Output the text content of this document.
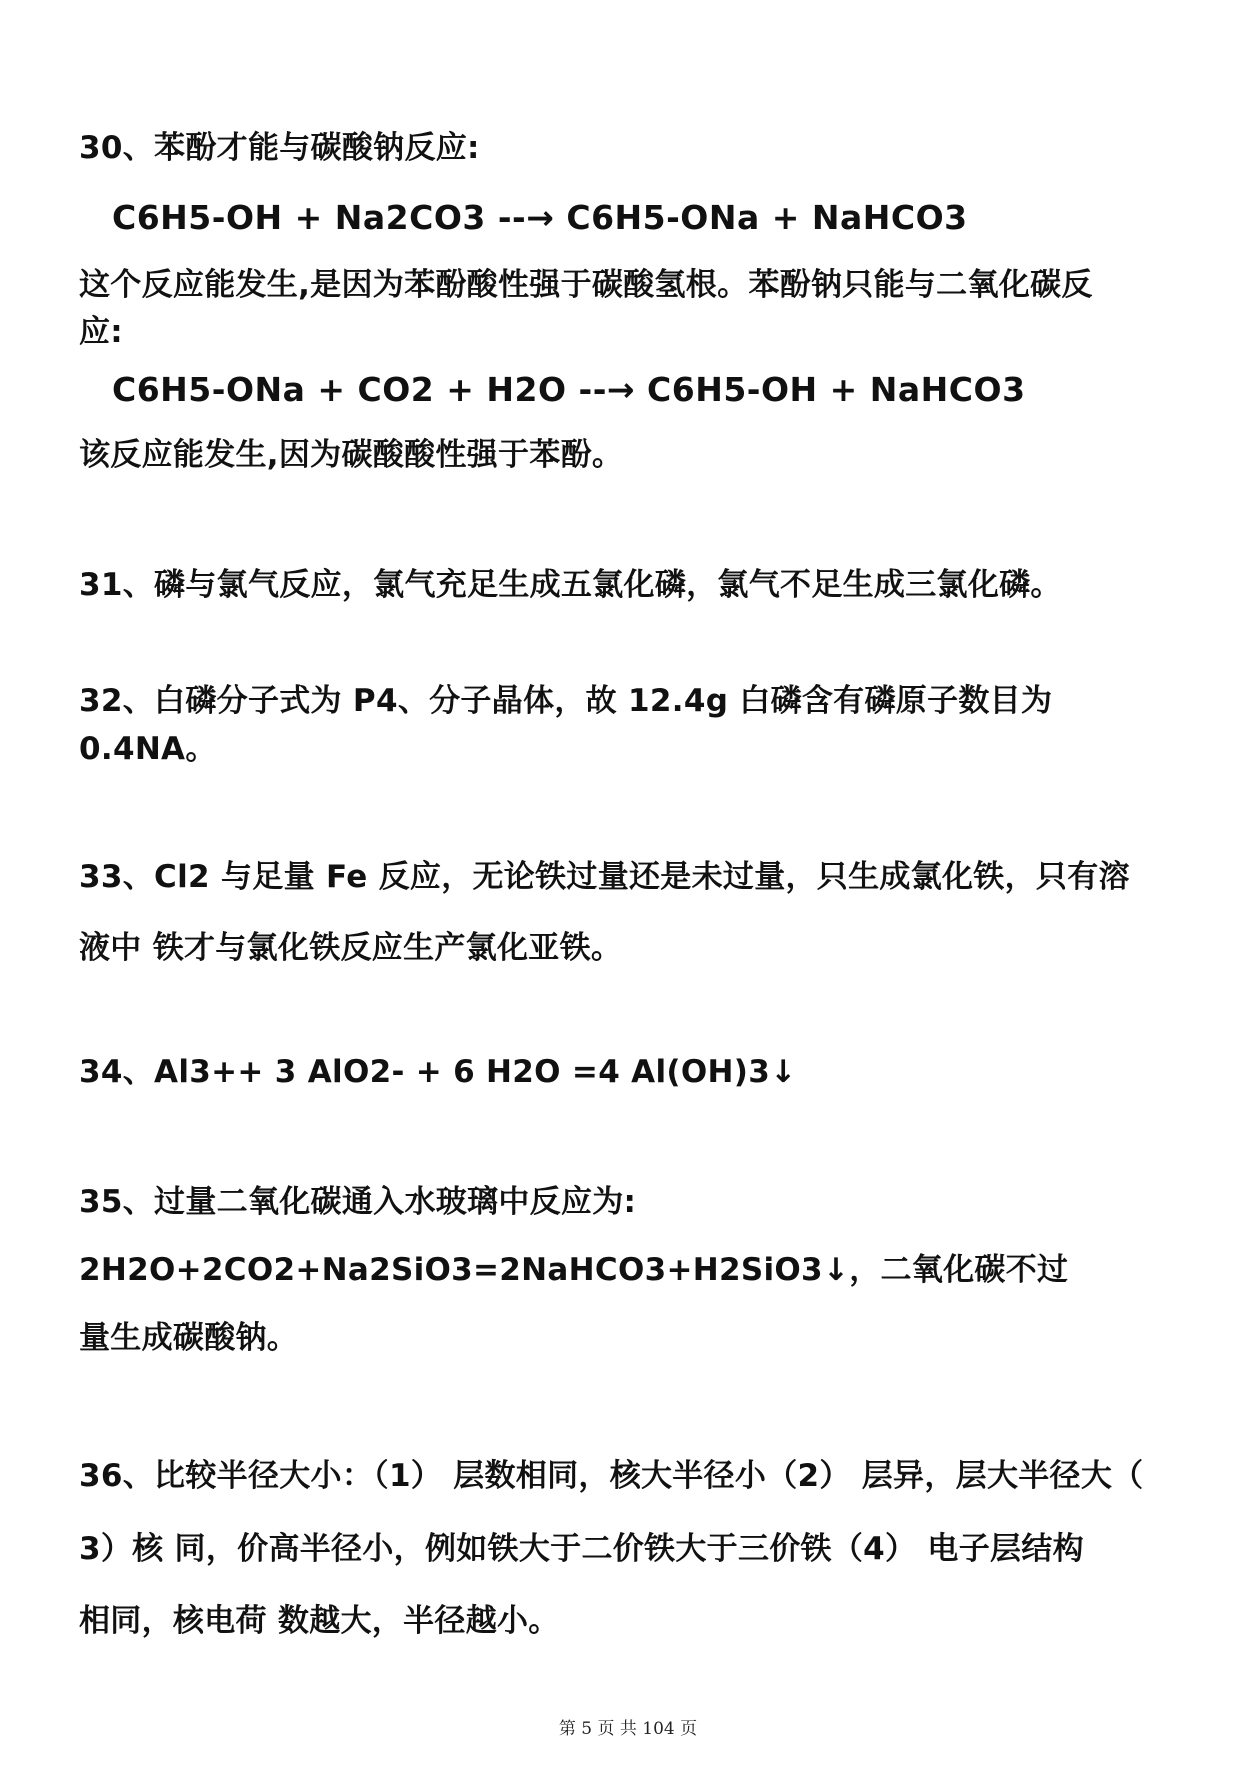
30、苯酚才能与碳酸钠反应:
C6H5-OH + Na2CO3 --→ C6H5-ONa + NaHCO3
这个反应能发生,是因为苯酚酸性强于碳酸氢根。苯酚钠只能与二氧化碳反
应:
C6H5-ONa + CO2 + H2O --→ C6H5-OH + NaHCO3
该反应能发生,因为碳酸酸性强于苯酚。
31、磷与氯气反应，氯气充足生成五氯化磷，氯气不足生成三氯化磷。
32、白磷分子式为 P4、分子晶体，故 12.4g 白磷含有磷原子数目为
0.4NA。
33、Cl2 与足量 Fe 反应，无论铁过量还是未过量，只生成氯化铁，只有溶
液中 铁才与氯化铁反应生产氯化亚铁。
34、Al3++ 3 AlO2- + 6 H2O =4 Al(OH)3↓
35、过量二氧化碳通入水玻璃中反应为:
2H2O+2CO2+Na2SiO3=2NaHCO3+H2SiO3↓，二氧化碳不过
量生成碳酸钠。
36、比较半径大小：（1） 层数相同，核大半径小（2） 层异，层大半径大（
3）核 同，价高半径小，例如铁大于二价铁大于三价铁（4） 电子层结构
相同，核电荷 数越大，半径越小。
第 5 页 共 104 页
